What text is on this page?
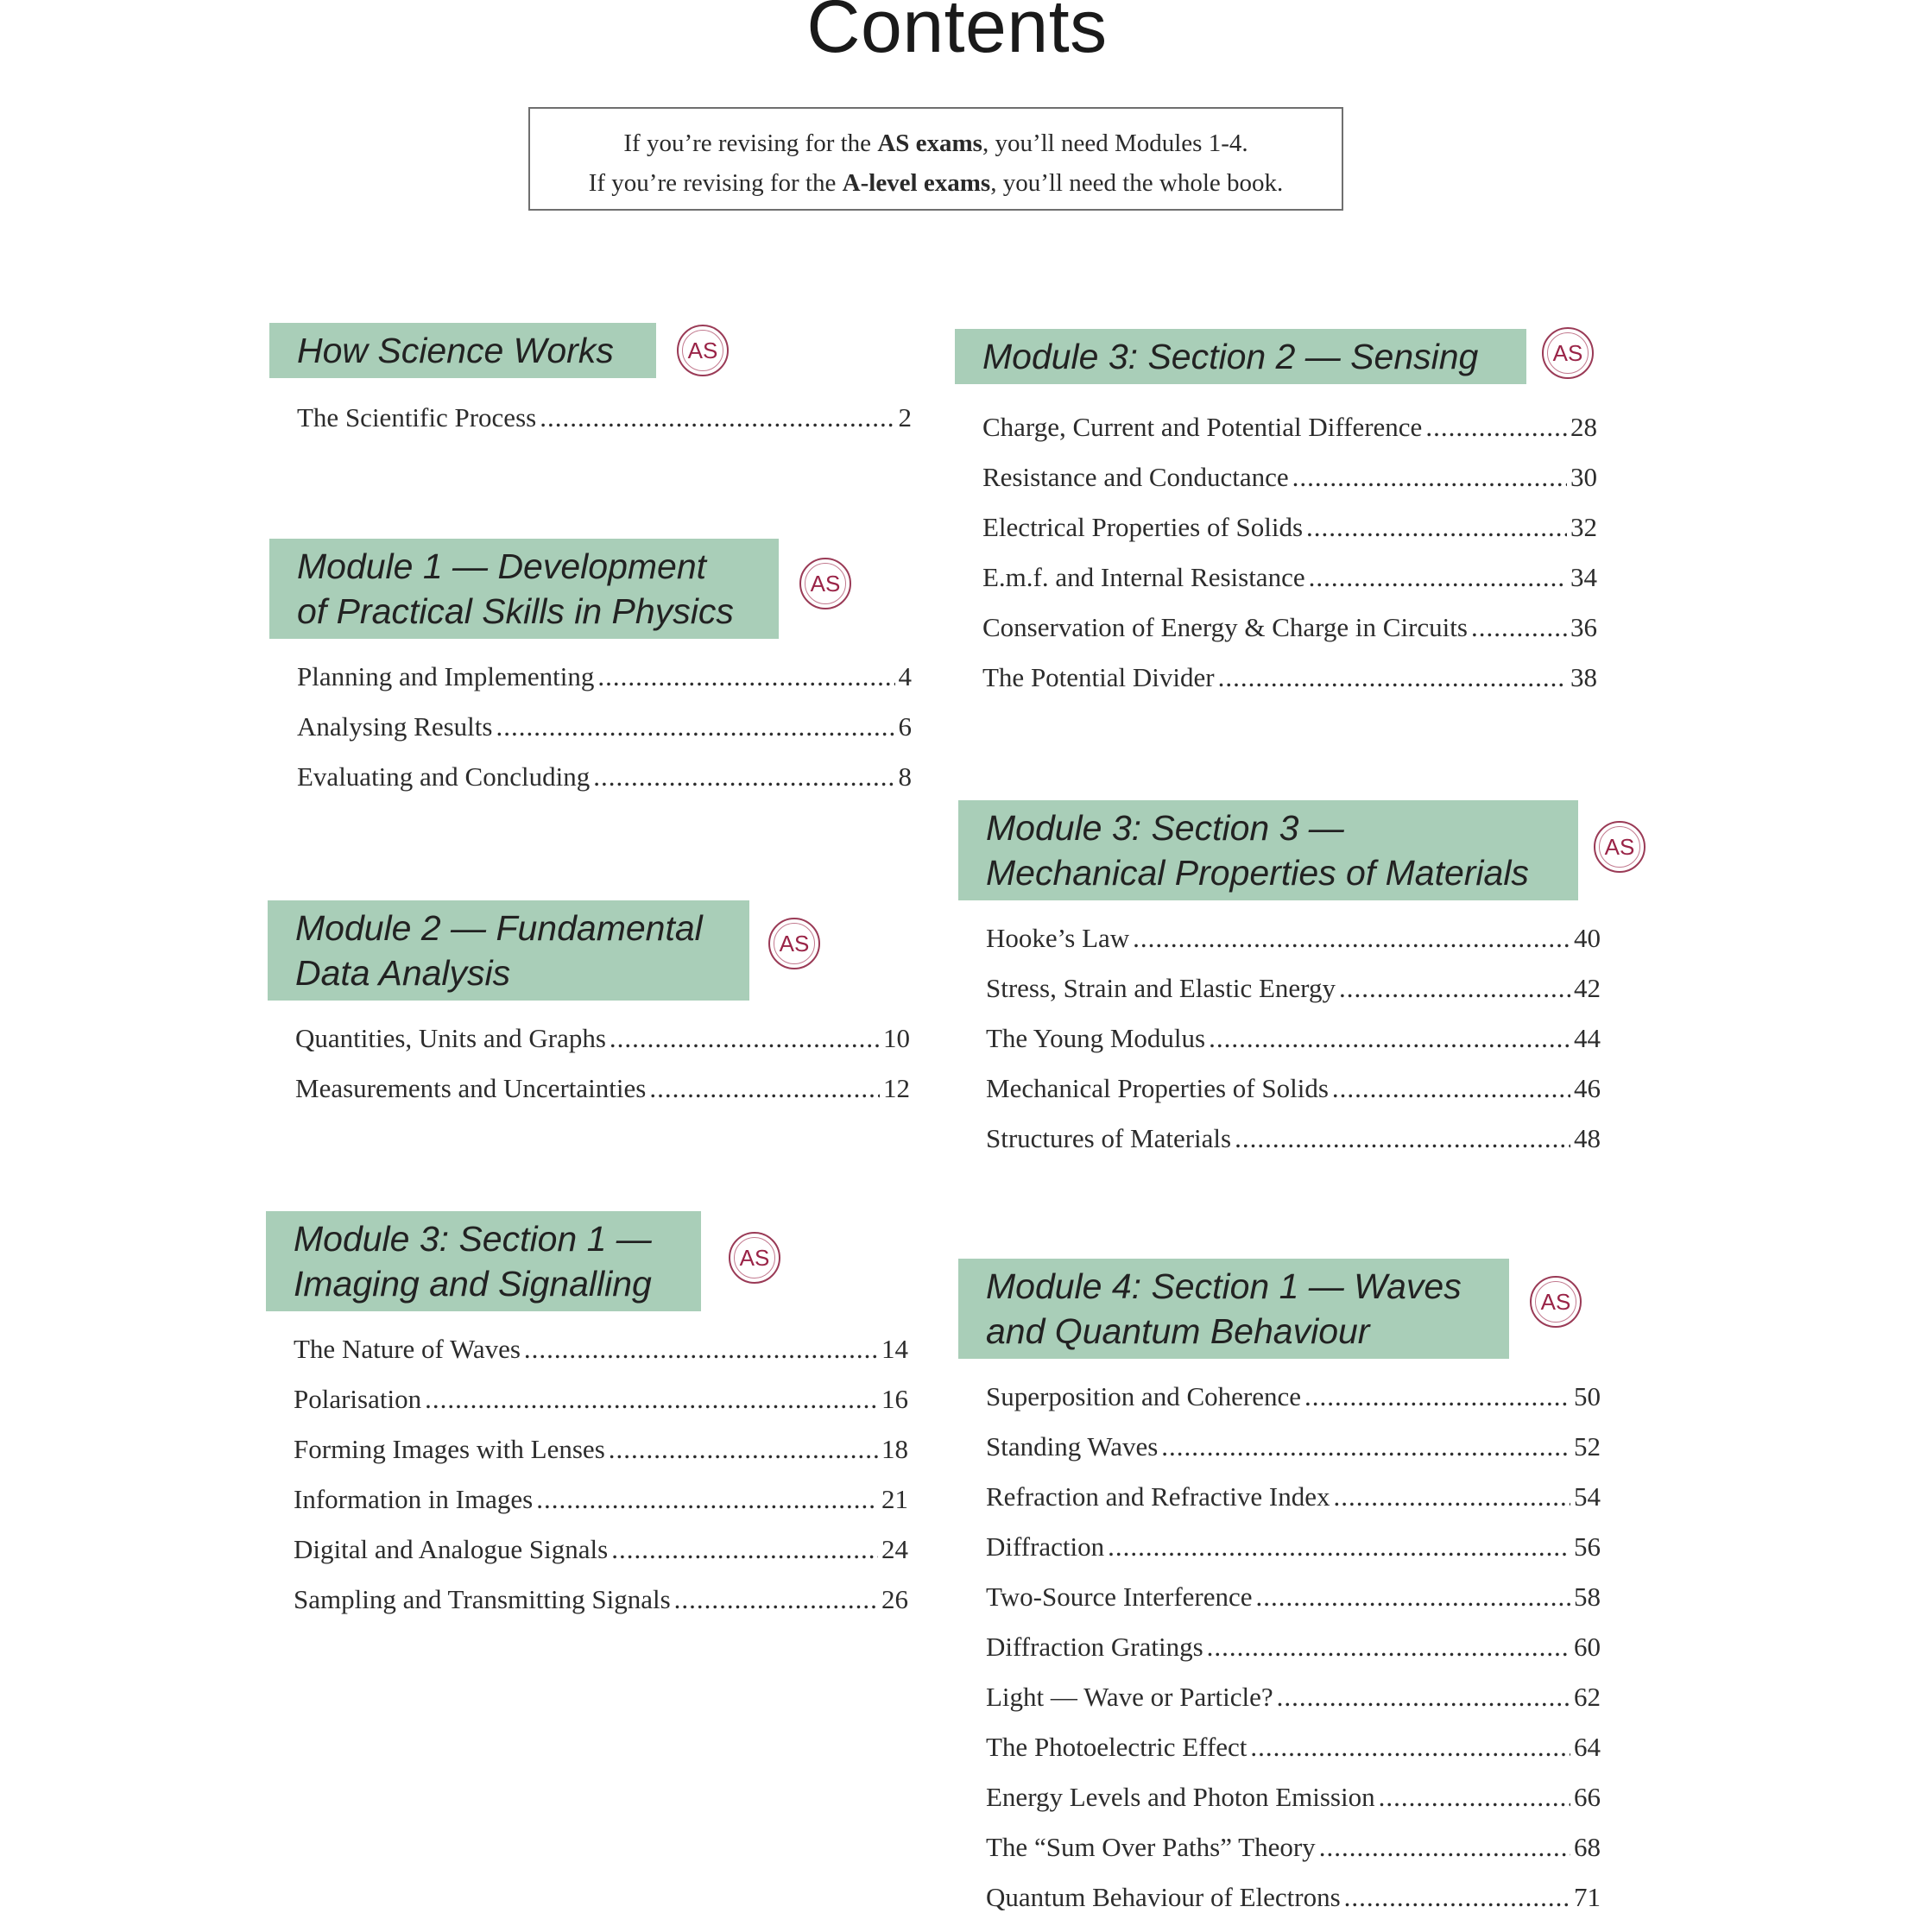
Contents
If you’re revising for the AS exams, you’ll need Modules 1-4.
If you’re revising for the A-level exams, you’ll need the whole book.
How Science Works	AS
The Scientific Process .....	2
Module 1 — Development
of Practical Skills in Physics
AS
Planning and Implementing .....	4
Analysing Results .....	6
Evaluating and Concluding .....	8
Module 2 — Fundamental
Data Analysis
AS
Quantities, Units and Graphs .....	10
Measurements and Uncertainties .....	12
Module 3: Section 1 —
Imaging and Signalling
AS
The Nature of Waves .....	14
Polarisation .....	16
Forming Images with Lenses .....	18
Information in Images .....	21
Digital and Analogue Signals .....	24
Sampling and Transmitting Signals .....	26
Module 3: Section 2 — Sensing	AS
Charge, Current and Potential Difference .....	28
Resistance and Conductance .....	30
Electrical Properties of Solids .....	32
E.m.f. and Internal Resistance .....	34
Conservation of Energy & Charge in Circuits .....	36
The Potential Divider .....	38
Module 3: Section 3 —
Mechanical Properties of Materials
AS
Hooke’s Law .....	40
Stress, Strain and Elastic Energy .....	42
The Young Modulus .....	44
Mechanical Properties of Solids .....	46
Structures of Materials .....	48
Module 4: Section 1 — Waves
and Quantum Behaviour
AS
Superposition and Coherence .....	50
Standing Waves .....	52
Refraction and Refractive Index .....	54
Diffraction .....	56
Two-Source Interference .....	58
Diffraction Gratings .....	60
Light — Wave or Particle? .....	62
The Photoelectric Effect .....	64
Energy Levels and Photon Emission .....	66
The “Sum Over Paths” Theory .....	68
Quantum Behaviour of Electrons .....	71
